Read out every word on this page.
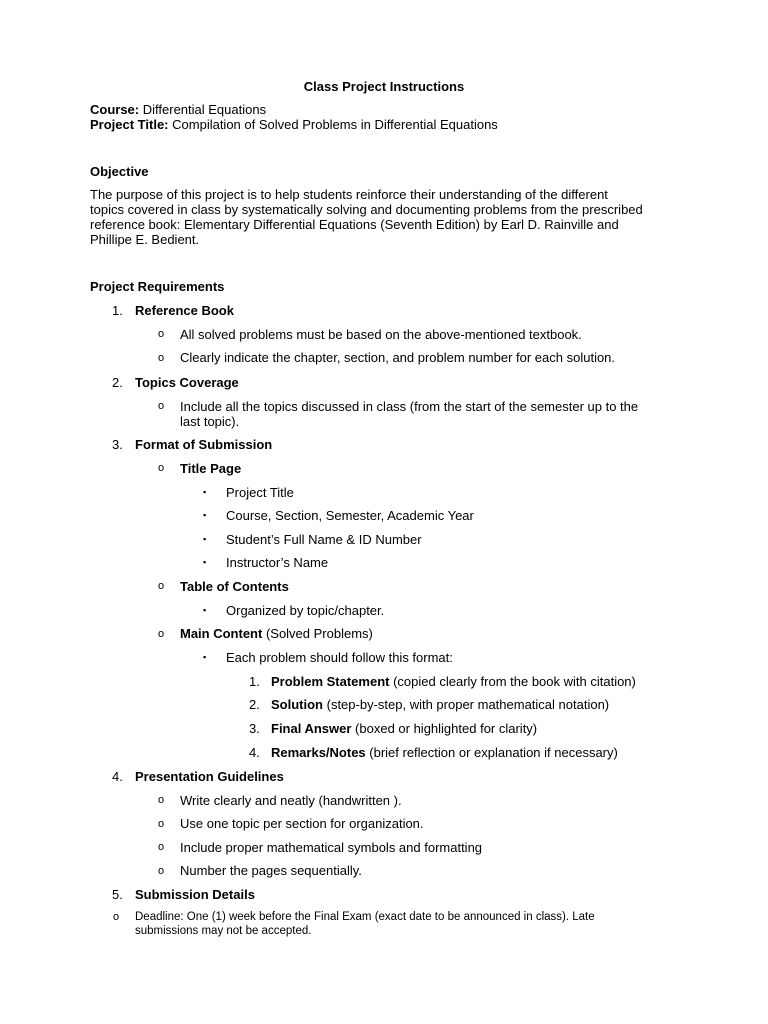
Class Project Instructions
Course: Differential Equations
Project Title: Compilation of Solved Problems in Differential Equations
Objective
The purpose of this project is to help students reinforce their understanding of the different
topics covered in class by systematically solving and documenting problems from the prescribed
reference book: Elementary Differential Equations (Seventh Edition) by Earl D. Rainville and
Phillipe E. Bedient.
Project Requirements
1. Reference Book
o All solved problems must be based on the above-mentioned textbook.
o Clearly indicate the chapter, section, and problem number for each solution.
2. Topics Coverage
o Include all the topics discussed in class (from the start of the semester up to the
last topic).
3. Format of Submission
o Title Page
▪ Project Title
▪ Course, Section, Semester, Academic Year
▪ Student’s Full Name & ID Number
▪ Instructor’s Name
o Table of Contents
▪ Organized by topic/chapter.
o Main Content (Solved Problems)
▪ Each problem should follow this format:
1. Problem Statement (copied clearly from the book with citation)
2. Solution (step-by-step, with proper mathematical notation)
3. Final Answer (boxed or highlighted for clarity)
4. Remarks/Notes (brief reflection or explanation if necessary)
4. Presentation Guidelines
o Write clearly and neatly (handwritten ).
o Use one topic per section for organization.
o Include proper mathematical symbols and formatting
o Number the pages sequentially.
5. Submission Details
o Deadline: One (1) week before the Final Exam (exact date to be announced in class). Late
submissions may not be accepted.
